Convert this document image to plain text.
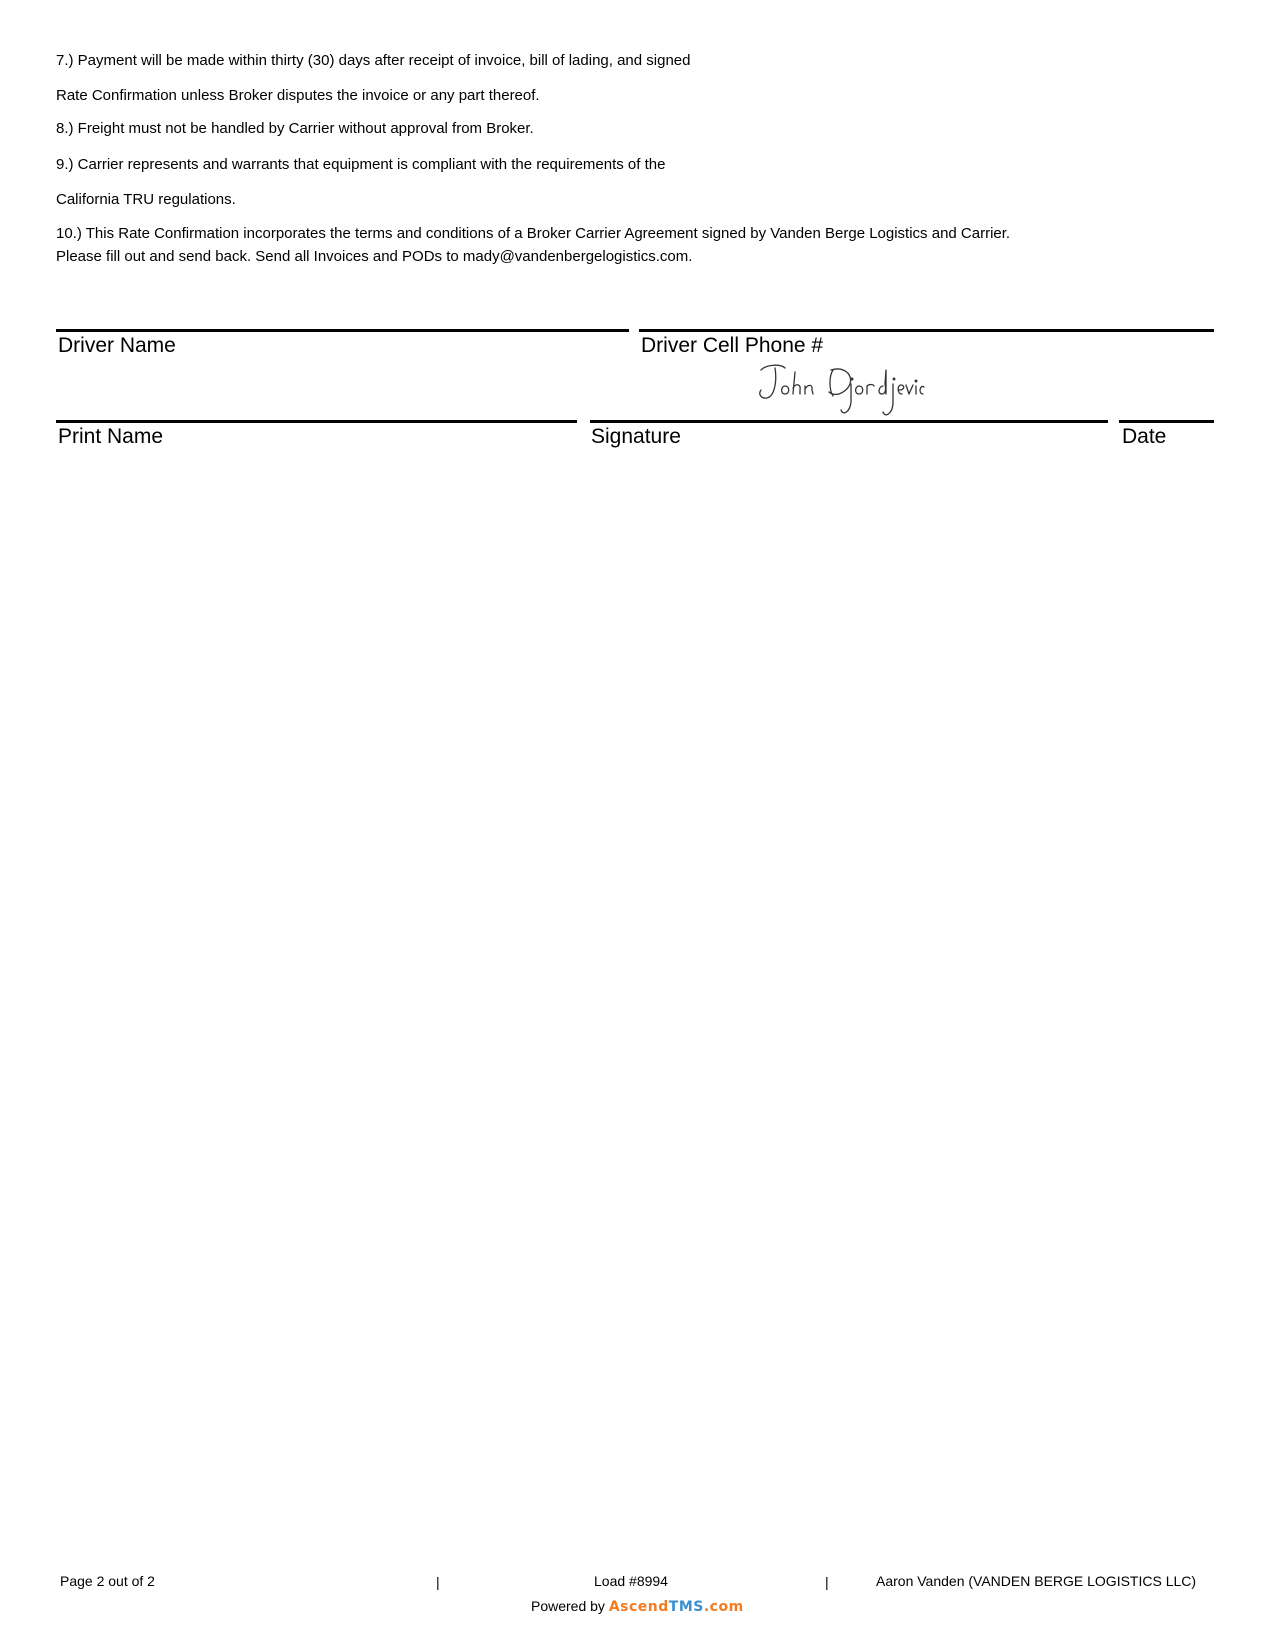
7.) Payment will be made within thirty (30) days after receipt of invoice, bill of lading, and signed
Rate Confirmation unless Broker disputes the invoice or any part thereof.
8.) Freight must not be handled by Carrier without approval from Broker.
9.) Carrier represents and warrants that equipment is compliant with the requirements of the
California TRU regulations.
10.) This Rate Confirmation incorporates the terms and conditions of a Broker Carrier Agreement signed by Vanden Berge Logistics and Carrier.
Please fill out and send back. Send all Invoices and PODs to mady@vandenbergelogistics.com.
Driver Name	Driver Cell Phone #
Print Name	Signature	Date
Page 2 out of 2	|	Load #8994	|	Aaron Vanden (VANDEN BERGE LOGISTICS LLC)
Powered by AscendTMS.com
